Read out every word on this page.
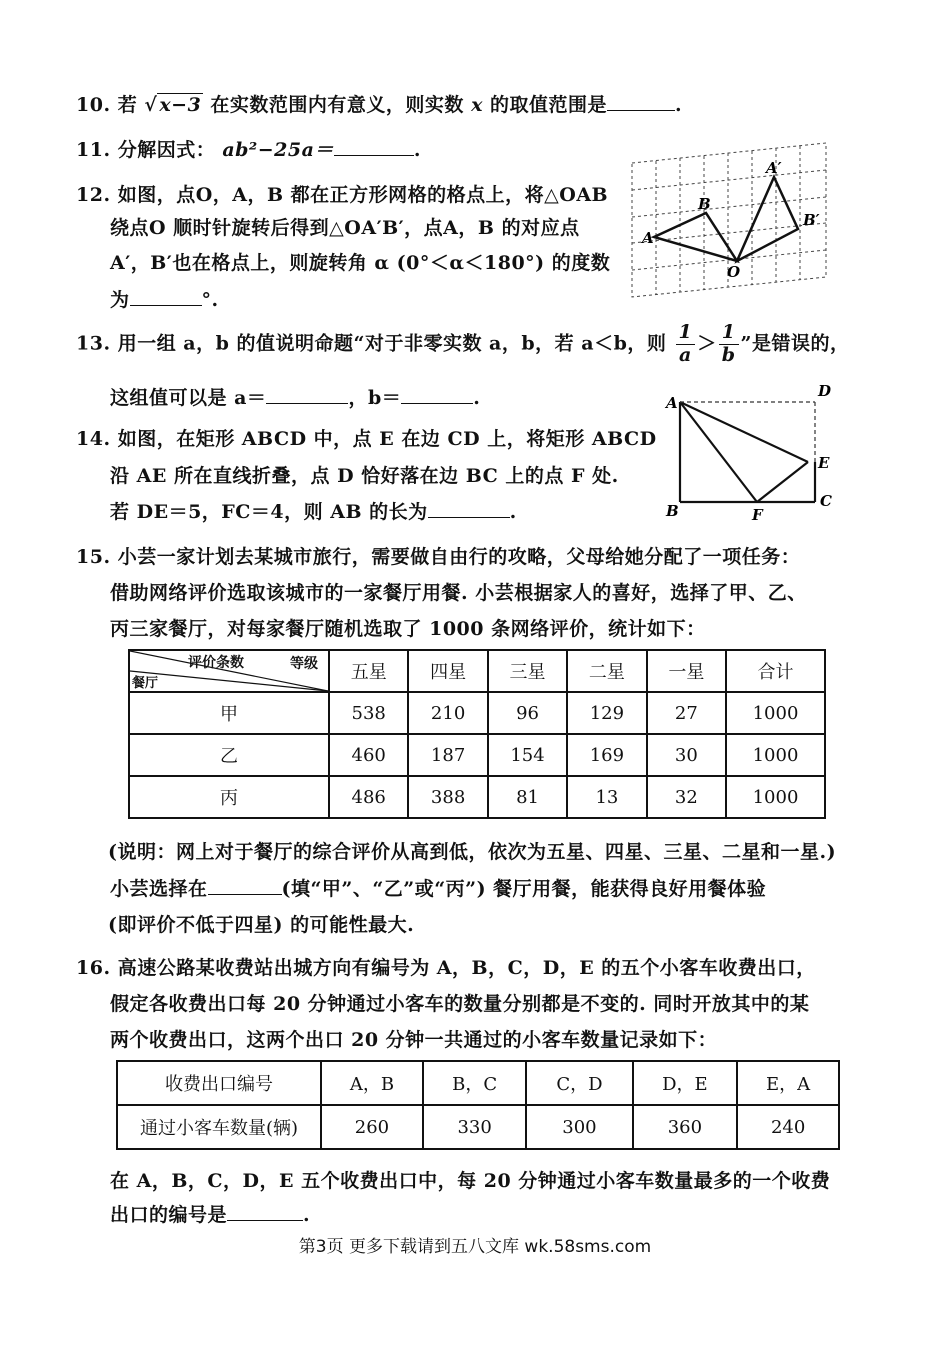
10. 若 √ x−3 在实数范围内有意义，则实数 x 的取值范围是	.
11. 分解因式： ab²−25a＝	.
12. 如图，点O，A，B 都在正方形网格的格点上，将△OAB
绕点O 顺时针旋转后得到△OA′B′，点A，B 的对应点
A′，B′也在格点上，则旋转角 α (0°＜α＜180°) 的度数
为	°.
A
B
O
A′
B′
13. 用一组 a，b 的值说明命题“对于非零实数 a，b，若 a＜b，则 $\frac{1}{a} > \frac{1}{b}$ ”是错误的，
这组值可以是 a＝	，b＝	.
14. 如图，在矩形 ABCD 中，点 E 在边 CD 上，将矩形 ABCD
沿 AE 所在直线折叠，点 D 恰好落在边 BC 上的点 F 处.
若 DE＝5，FC＝4，则 AB 的长为	.
A
D
E
C
B	F
15. 小芸一家计划去某城市旅行，需要做自由行的攻略，父母给她分配了一项任务：
借助网络评价选取该城市的一家餐厅用餐. 小芸根据家人的喜好，选择了甲、乙、
丙三家餐厅，对每家餐厅随机选取了 1000 条网络评价，统计如下：
评价条数 等级
餐厅	五星	四星	三星	二星	一星	合计
甲	538	210	96	129	27	1000
乙	460	187	154	169	30	1000
丙	486	388	81	13	32	1000
(说明：网上对于餐厅的综合评价从高到低，依次为五星、四星、三星、二星和一星.)
小芸选择在	(填“甲”、“乙”或“丙”) 餐厅用餐，能获得良好用餐体验
(即评价不低于四星) 的可能性最大.
16. 高速公路某收费站出城方向有编号为 A，B，C，D，E 的五个小客车收费出口，
假定各收费出口每 20 分钟通过小客车的数量分别都是不变的. 同时开放其中的某
两个收费出口，这两个出口 20 分钟一共通过的小客车数量记录如下：
收费出口编号	A，B	B，C	C，D	D，E	E，A
通过小客车数量(辆)	260	330	300	360	240
在 A，B，C，D，E 五个收费出口中，每 20 分钟通过小客车数量最多的一个收费
出口的编号是	.
第3页 更多下载请到五八文库 wk.58sms.com
